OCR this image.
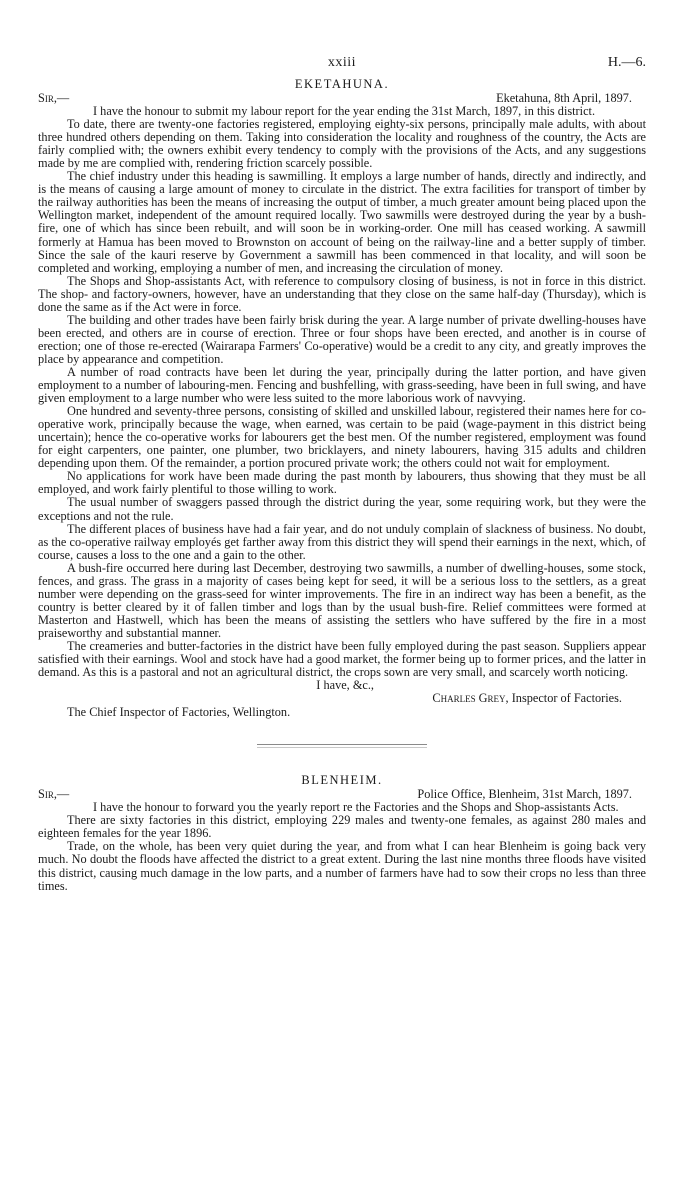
xxiii	H.—6.
EKETAHUNA.
Sir,—	Eketahuna, 8th April, 1897.

I have the honour to submit my labour report for the year ending the 31st March, 1897, in this district.

To date, there are twenty-one factories registered, employing eighty-six persons, principally male adults, with about three hundred others depending on them. Taking into consideration the locality and roughness of the country, the Acts are fairly complied with; the owners exhibit every tendency to comply with the provisions of the Acts, and any suggestions made by me are complied with, rendering friction scarcely possible.

The chief industry under this heading is sawmilling. It employs a large number of hands, directly and indirectly, and is the means of causing a large amount of money to circulate in the district. The extra facilities for transport of timber by the railway authorities has been the means of increasing the output of timber, a much greater amount being placed upon the Wellington market, independent of the amount required locally. Two sawmills were destroyed during the year by a bush-fire, one of which has since been rebuilt, and will soon be in working-order. One mill has ceased working. A sawmill formerly at Hamua has been moved to Brownston on account of being on the railway-line and a better supply of timber. Since the sale of the kauri reserve by Government a sawmill has been commenced in that locality, and will soon be completed and working, employing a number of men, and increasing the circulation of money.

The Shops and Shop-assistants Act, with reference to compulsory closing of business, is not in force in this district. The shop- and factory-owners, however, have an understanding that they close on the same half-day (Thursday), which is done the same as if the Act were in force.

The building and other trades have been fairly brisk during the year. A large number of private dwelling-houses have been erected, and others are in course of erection. Three or four shops have been erected, and another is in course of erection; one of those re-erected (Wairarapa Farmers' Co-operative) would be a credit to any city, and greatly improves the place by appearance and competition.

A number of road contracts have been let during the year, principally during the latter portion, and have given employment to a number of labouring-men. Fencing and bushfelling, with grass-seeding, have been in full swing, and have given employment to a large number who were less suited to the more laborious work of navvying.

One hundred and seventy-three persons, consisting of skilled and unskilled labour, registered their names here for co-operative work, principally because the wage, when earned, was certain to be paid (wage-payment in this district being uncertain); hence the co-operative works for labourers get the best men. Of the number registered, employment was found for eight carpenters, one painter, one plumber, two bricklayers, and ninety labourers, having 315 adults and children depending upon them. Of the remainder, a portion procured private work; the others could not wait for employment.

No applications for work have been made during the past month by labourers, thus showing that they must be all employed, and work fairly plentiful to those willing to work.

The usual number of swaggers passed through the district during the year, some requiring work, but they were the exceptions and not the rule.

The different places of business have had a fair year, and do not unduly complain of slackness of business. No doubt, as the co-operative railway employés get farther away from this district they will spend their earnings in the next, which, of course, causes a loss to the one and a gain to the other.

A bush-fire occurred here during last December, destroying two sawmills, a number of dwelling-houses, some stock, fences, and grass. The grass in a majority of cases being kept for seed, it will be a serious loss to the settlers, as a great number were depending on the grass-seed for winter improvements. The fire in an indirect way has been a benefit, as the country is better cleared by it of fallen timber and logs than by the usual bush-fire. Relief committees were formed at Masterton and Hastwell, which has been the means of assisting the settlers who have suffered by the fire in a most praiseworthy and substantial manner.

The creameries and butter-factories in the district have been fully employed during the past season. Suppliers appear satisfied with their earnings. Wool and stock have had a good market, the former being up to former prices, and the latter in demand. As this is a pastoral and not an agricultural district, the crops sown are very small, and scarcely worth noticing.

I have, &c.,
Charles Grey, Inspector of Factories.
The Chief Inspector of Factories, Wellington.
BLENHEIM.
Sir,—	Police Office, Blenheim, 31st March, 1897.

I have the honour to forward you the yearly report re the Factories and the Shops and Shop-assistants Acts.

There are sixty factories in this district, employing 229 males and twenty-one females, as against 280 males and eighteen females for the year 1896.

Trade, on the whole, has been very quiet during the year, and from what I can hear Blenheim is going back very much. No doubt the floods have affected the district to a great extent. During the last nine months three floods have visited this district, causing much damage in the low parts, and a number of farmers have had to sow their crops no less than three times.
